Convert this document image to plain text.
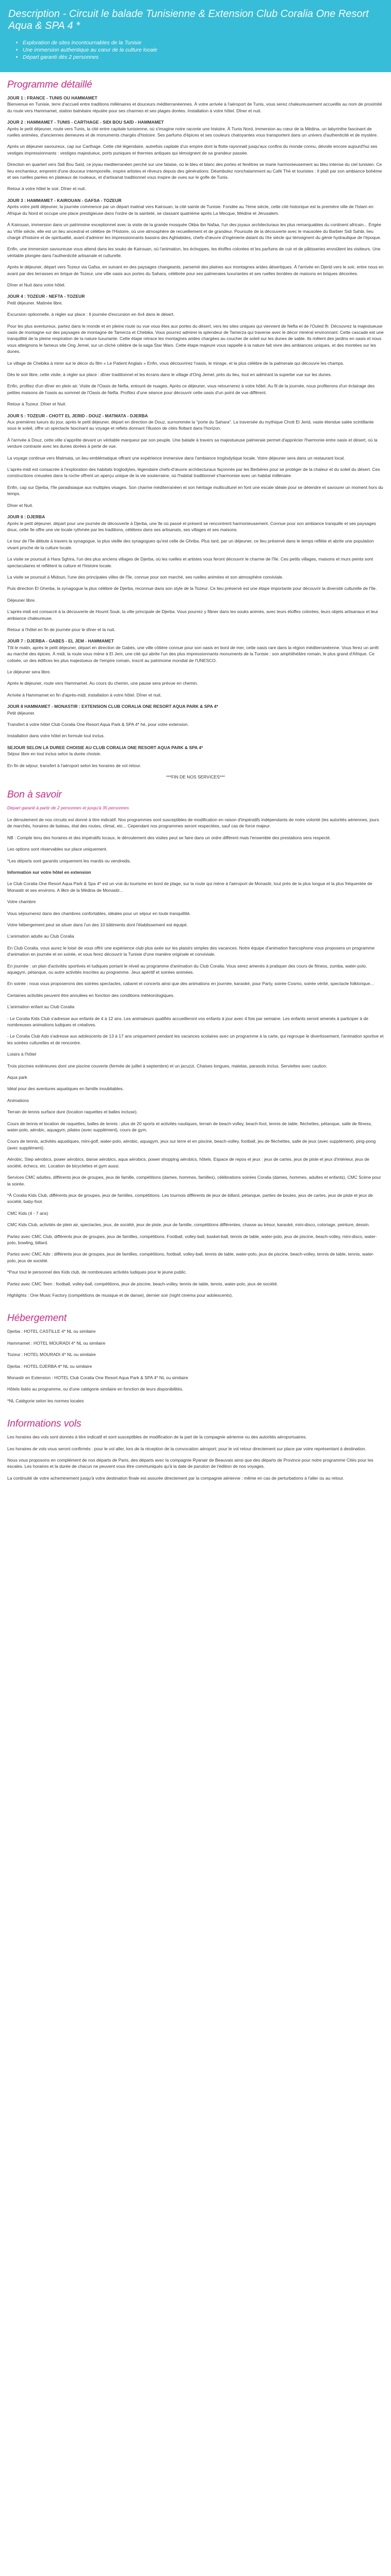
Description - Circuit le balade Tunisienne & Extension Club Coralia One Resort Aqua & SPA 4 *
• Exploration de sites incontournables de la Tunisie
• Une immersion authentique au cœur de la culture locale
• Départ garanti dès 2 personnes
Programme détaillé
JOUR 1 : FRANCE - TUNIS OU HAMMAMET

Bienvenue en Tunisie, terre d'accueil entre traditions millénaires et douceurs méditerranéennes. À votre arrivée à l'aéroport de Tunis, vous serez chaleureusement accueillis au nom de proximité du route vers Hammamet, station balnéaire réputée pour ses charmes et ses plages dorées. Installation à votre hôtel. Dîner et nuit.

JOUR 2 : HAMMAMET - TUNIS - CARTHAGE - SIDI BOU SAÏD - HAMMAMET

Après le petit déjeuner, route vers Tunis, la cité entre capitale tunisienne, où s'imagine notre raconte une histoire. À Tunis Nord, immersion au cœur de la Médina, un labyrinthe fascinant de ruelles animées, d'anciennes demeures et de monuments chargés d'histoire. Ses parfums d'épices et ses couleurs chatoyantes vous transportent dans un univers d'authenticité et de mystère.

Après un déjeuner savoureux, cap sur Carthage. Cette cité légendaire, autrefois capitale d'un empire dont la flotte rayonnait jusqu'aux confins du monde connu, dévoile encore aujourd'hui ses vestiges impressionnants : vestiges majestueux, ports puniques et thermes antiques qui témoignent de sa grandeur passée.

Direction en quarterl vers Sidi Bou Saïd, ce joyau mediterranéen perché sur une falaise, où le bleu et blanc des portes et fenêtres se marie harmonieusement au bleu intense du ciel tunisien. Ce lieu enchanteur, empreint d'une douceur intemporelle, inspire artistes et rêveurs depuis des générations. Déambulez nonchalamment au Café Thé et touristes : Il plaît par son ambiance bohème et ses ruelles parées en plateaux de rouleaux, et d'artisanat traditionnel vous inspire de vues sur le golfe de Tunis.

Retour à votre hôtel le soir. Dîner et nuit.

JOUR 3 : HAMMAMET - KAIROUAN - GAFSA - TOZEUR

Après votre petit déjeuner, la journée commence par un départ matinal vers Kairouan, la cité sainte de Tunisie. Fondée au 7ème siècle, cette cité historique est la première ville de l'Islam en Afrique du Nord et occupe une place prestigieuse dans l'ordre de la sainteté, se classant quatrième après La Mecque, Médine et Jérusalem.

À Kairouan, immersion dans un patrimoine exceptionnel avec la visite de la grande mosquée Okba Ibn Nafaa, l'un des joyaux architecturaux les plus remarquables du continent africain... Érigée au VIIIe siècle, elle est un lieu ancestral et célèbre de l'Histoire, où une atmosphère de recueillement et de grandeur. Poursuite de la découverte avec le mausolée du Barbier Sidi Sahbi, lieu chargé d'histoire et de spiritualité, avant d'admirer les impressionnants bassins des Aghlabides, chefs-d'œuvre d'ingénierie datant du IXe siècle qui témoignent du génie hydraulique de l'époque.

Enfin, une immersion savoureuse vous attend dans les souks de Kairouan, où l'animation, les échoppes, les étoffes colorées et les parfums de cuir et de pâtisseries envoûtent les visiteurs. Une véritable plongée dans l'authenticité artisanale et culturelle.

Après le déjeuner, départ vers Tozeur via Gafsa, en suivant en des paysages changeants, parsemé des plaines aux montagnes arides désertiques. À l'arrivée en Djerid vers le soir, entre nous en avant par des terrasses en brique de Tozeur, une ville oasis aux portes du Sahara, célébrée pour ses palmeraies luxuriantes et ses ruelles bordées de maisons en briques décorées.

Dîner et Nuit dans votre hôtel.

JOUR 4 : TOZEUR - NEFTA - TOZEUR

Petit déjeuner. Matinée libre.

Excursion optionnelle, à régler sur place : Il journée d'excursion en 4x4 dans le désert.

Pour les plus aventureux, partez dans le monde et en pleine route ou vue vous êtes aux portes du désert, vers les sites uniques qui viennent de Nefta et de l'Ouled Ifr. Découvrez la majestueuse oasis de montagne sur des paysages de montagne de Tamerza et Chebika. Vous pourrez admirer la splendeur de Tamerza qui traverse avec le décor minéral environnant. Cette cascade est une tranquillité de la pleine respiration de la nature luxuriante. Cette étape retrace les montagnes arides chargées au coucher de soleil sur les dunes de sable. Ils mêlent des jardins en oasis et nous vous atteignons le fameux site Ong Jemel, sur un cliché célèbre de la saga Star Wars. Cette étape majeure vous rappelle à la nature fait vivre des ambiances uniques, et des montées sur les dunes.

Le village de Chebika à mirer sur le décor du film « Le Patient Anglais » Enfin, vous découvrirez l'oasis, le mirage, et la plus célèbre de la palmeraie qui découvre les champs.

Dès le soir libre, cette visite, à régler sur place : dîner traditionnel et les écrans dans le village d'Ong Jemel, près du lieu, tout en admirant la superbe vue sur les dunes.

Enfin, profitez d'un dîner en plein air. Visite de l'Oasis de Nefta, entouré de nuages. Après ce déjeuner, vous retournerez à votre hôtel. Au fil de la journée, nous profiterons d'un éclairage des petites maisons de l'oasis au sommet de l'Oasis de Nefta. Profitez d'une séance pour découvrir cette oasis d'un point de vue différent.

Retour à Tozeur. Dîner et Nuit.

JOUR 5 : TOZEUR - CHOTT EL JERID - DOUZ - MATMATA - DJERBA

Aux premières lueurs du jour, après le petit déjeuner, départ en direction de Douz, surnommée la "porte du Sahara". La traversée du mythique Chott El Jerid, vaste étendue salée scintillante sous le soleil, offre un spectacle fascinant au voyage et reflets donnant l'illusion de cités flottant dans l'horizon.

À l'arrivée à Douz, cette ville s'apprête devant un véritable marqueur par son peuple. Une balade à travers sa majestueuse palmeraie permet d'apprécier l'harmonie entre oasis et désert, où la verdure contraste avec les dunes dorées à perte de vue.

La voyage continue vers Matmata, un lieu emblématique offrant une expérience immersive dans l'ambiance troglodytique locale. Votre déjeuner sera dans un restaurant local.

L'après-midi est consacrée à l'exploration des habitats troglodytes, légendaire chefs-d'œuvre architecturaux façonnés par les Berbères pour se protéger de la chaleur et du soleil du désert. Ces constructions creusées dans la roche offrent un aperçu unique de la vie souterraine, où l'habitat traditionnel s'harmonise avec un habitat millénaire.

Enfin, cap sur Djerba, l'île paradisiaque aux multiples visages. Son charme méditerranéen et son héritage multiculturel en font une escale idéale pour se détendre et savourer un moment hors du temps.

Dîner et Nuit.

JOUR 6 : DJERBA

Après le petit déjeuner, départ pour une journée de découverte à Djerba, une île où passé et présent se rencontrent harmonieusement. Connue pour son ambiance tranquille et ses paysages doux, cette île offre une vie locale rythmée par les traditions, célèbres dans ses artisanats, ses villages et ses maisons.

Le tour de l'île débute à travers la synagogue, la plus vieille des synagogues qu'est celle de Ghriba. Plus tard, par un déjeuner, ce lieu préservé dans le temps reflète et abrite une population vivant proche de la culture locale.

La visite se poursuit à Hara Sghira, l'un des plus anciens villages de Djerba, où les ruelles et artistes vous feront découvrir le charme de l'île. Ces petits villages, maisons et murs peints sont spectaculaires et reflètent la culture et l'histoire locale.

La visite se poursuit à Midoun, l'une des principales villes de l'île, connue pour son marché, ses ruelles animées et son atmosphère conviviale.

Puis direction El Gherba, la synagogue la plus célèbre de Djerba, reconnue dans son style de la Tozeur. Ce lieu préservé est une étape importante pour découvrir la diversité culturelle de l'île.

Déjeuner libre.

L'après-midi est consacré à la découverte de Houmt Souk, la ville principale de Djerba. Vous pourrez y flâner dans les souks animés, avec leurs étoffes colorées, leurs objets artisanaux et leur ambiance chaleureuse.

Retour à l'hôtel en fin de journée pour le dîner et la nuit.

JOUR 7 : DJERBA - GABES - EL JEM - HAMMAMET

Tôt le matin, après le petit déjeuner, départ en direction de Gabès, une ville côtière connue pour son oasis en bord de mer, cette oasis rare dans la région méditerranéenne. Vous ferez un arrêt au marché des épices. À midi, la route vous mène à El Jem, une cité qui abrite l'un des plus impressionnants monuments de la Tunisie : son amphithéâtre romain, le plus grand d'Afrique. Ce colisée, un des édifices les plus majestueux de l'empire romain, inscrit au patrimoine mondial de l'UNESCO.

Le déjeuner sera libre.

Après le déjeuner, route vers Hammamet. Au cours du chemin, une pause sera prévue en chemin.

Arrivée à Hammamet en fin d'après-midi, installation à votre hôtel. Dîner et nuit.

JOUR 8 HAMMAMET - MONASTIR : EXTENSION CLUB CORALIA ONE RESORT AQUA PARK & SPA 4*

Petit déjeuner.

Transfert à votre hôtel Club Coralia One Resort Aqua Park & SPA 4* hé, pour votre extension.

Installation dans votre hôtel en formule tout inclus.

SEJOUR SELON LA DUREE CHOISIE AU CLUB CORALIA ONE RESORT AQUA PARK & SPA 4*

Séjour libre en tout inclus selon la durée choisie.

En fin de séjour, transfert à l'aéroport selon les horaires de vol retour.

***FIN DE NOS SERVICES***
Bon à savoir

Départ garanti à partir de 2 personnes et jusqu'à 35 personnes

Le déroulement de nos circuits est donné à titre indicatif. Nos programmes sont susceptibles de modification en raison d'impératifs indépendants de notre volonté (les autorités aériennes, jours de marchés, horaires de bateau, état des routes, climat, etc... Cependant nos programmes seront respectées, sauf cas de force majeur.

NB : Compte tenu des horaires et des impératifs locaux, le déroulement des visites peut se faire dans un ordre différent mais l'ensemble des prestations sera respecté.

Les options sont réservables sur place uniquement.

*Les départs sont garantis uniquement les mardis ou vendredis.

Information sur votre hôtel en extension

Le Club Coralia One Resort Aqua Park & Spa 4* est un vrai du tourisme en bord de plage, sur la route qui mène à l'aéroport de Monastir, tout près de la plus longue et la plus fréquentée de Monastir et ses environs. A 9km de la Médina de Monastir...

Votre chambre

Vous séjournerez dans des chambres confortables, idéales pour un séjour en toute tranquillité.

Votre hébergement peut se situer dans l'un des 10 bâtiments dont l'établissement est équipé.

L'animation adulte au Club Coralia

En Club Coralia, vous aurez le loisir de vous offrir une expérience club plus axée sur les plaisirs simples des vacances. Notre équipe d'animation francophone vous proposera un programme d'animation en journée et en soirée, et vous ferez découvrir la Tunisie d'une manière originale et conviviale.

En journée : un plan d'activités sportives et ludiques portant le réveil au programme d'animation du Club Coralia. Vous serez amenés à pratiquer des cours de fitness, zumba, water-polo, aquagym, pétanque, ou autre activités inscrites au programme. Jeux apéritif et soirées animées.

En soirée : nous vous proposerons des soirées spectacles, cabaret et concerts ainsi que des animations en journée, karaoké, pour Party, soirée Cosmo, soirée vérité, spectacle folklorique...

Certaines activités peuvent être annulées en fonction des conditions météorologiques.

L'animation enfant au Club Coralia

- Le Coralia Kids Club s'adresse aux enfants de 4 à 12 ans. Les animateurs qualifiés accueilleront vos enfants à jour avec 4 fois par semaine. Les enfants seront amenés à participer à de nombreuses animations ludiques et créatives.

- Le Coralia Club Ado s'adresse aux adolescents de 13 à 17 ans uniquement pendant les vacances scolaires avec un programme à la carte, qui regroupe le divertissement, l'animation sportive et les soirées culturelles et de rencontre.

Loisirs à l'hôtel

Trois piscines extérieures dont une piscine couverte (fermée de juillet à septembre) et un jacuzzi. Chaises longues, matelas, parasols inclus. Serviettes avec caution.

Aqua park

Idéal pour des aventures aquatiques en famille inoubliables.

Animations

Terrain de tennis surface dure (location raquettes et balles incluse).

Cours de tennis et location de raquettes, balles de tennis : plus de 20 sports et activités nautiques, terrain de beach-volley, beach-foot, tennis de table, fléchettes, pétanque, salle de fitness, water-polo, aérobic, aquagym, pilates (avec supplément), cours de gym.

Cours de tennis, activités aquatiques, mini-golf, water-polo, aérobic, aquagym, jeux sur terre et en piscine, beach-volley, football, jeu de fléchettes, salle de jeux (avec supplément), ping-pong (avec supplément).

Aérobic, Step aérobics, power aérobics, danse aérobics, aqua aérobics, power shopping aérobics, hôtels. Espace de repos et jeux : jeux de cartes, jeux de piste et jeux d'intérieur, jeux de société, échecs, etc. Location de bicyclettes et gym aussi.

Services CMC adultes, différents jeux de groupes, jeux de famille, compétitions (dames, hommes, familles), célébrations soirées Coralia (dames, hommes, adultes et enfants), CMC Scène pour la soirée.

*À Coralia Kids Club, différents jeux de groupes, jeux de familles, compétitions. Les tournois différents de jeux de billard, pétanque, parties de boules, jeux de cartes, jeux de piste et jeux de société, baby-foot.

CMC Kids (4 - 7 ans)

CMC Kids Club, activités de plein air, spectacles, jeux, de société, jeux de piste, jeux de famille, compétitions différentes, chasse au trésor, karaoké, mini-disco, coloriage, peinture, dessin.

Partez avec CMC Club, différents jeux de groupes, jeux de familles, compétitions. Football, volley-ball, basket-ball, tennis de table, water-polo, jeux de piscine, beach-volley, mini-disco, water-polo, bowling, billard.

Partez avec CMC Ado : différents jeux de groupes, jeux de familles, compétitions, football, volley-ball, tennis de table, water-polo, jeux de piscine, beach-volley, tennis de table, tennis, water-polo, jeux de société.

*Pour tout le personnel des Kids club, de nombreuses activités ludiques pour le jeune public.

Partez avec CMC Teen : football, volley-ball, compétitions, jeux de piscine, beach-volley, tennis de table, tennis, water-polo, jeux de société.

Highlights : One Music Factory (compétitions de musique et de danse), dernier soir (night cinéma pour adolescents).

Hébergement

Djerba : HOTEL CASTILLE 4* NL ou similaire

Hammamet : HOTEL MOURADI 4* NL ou similaire

Tozeur : HOTEL MOURADI 4* NL ou similaire

Djerba : HOTEL DJERBA 4* NL ou similaire

Monastir en Extension : HOTEL Club Coralia One Resort Aqua Park & SPA 4* NL ou similaire

Hôtels listés au programme, ou d'une catégorie similaire en fonction de leurs disponibilités.

*NL Catégorie selon les normes locales

Informations vols

Les horaires des vols sont donnés à titre indicatif et sont susceptibles de modification de la part de la compagnie aérienne ou des autorités aéroportuaires.

Les horaires de vols vous seront confirmés : pour le vol aller, lors de la réception de la convocation aéroport; pour le vol retour directement sur place par votre représentant à destination.

Nous vous proposons en complément de nos départs de Paris, des départs avec la compagnie Ryanair de Beauvais ainsi que des départs de Province pour notre programme Cités pour les escales. Les horaires et la durée de chacun ne peuvent vous être communiqués qu'à la date de parution de l'édition de nos voyages.

La continuité de votre acheminement jusqu'à votre destination finale est assurée directement par la compagnie aérienne : même en cas de perturbations à l'aller ou au retour.
